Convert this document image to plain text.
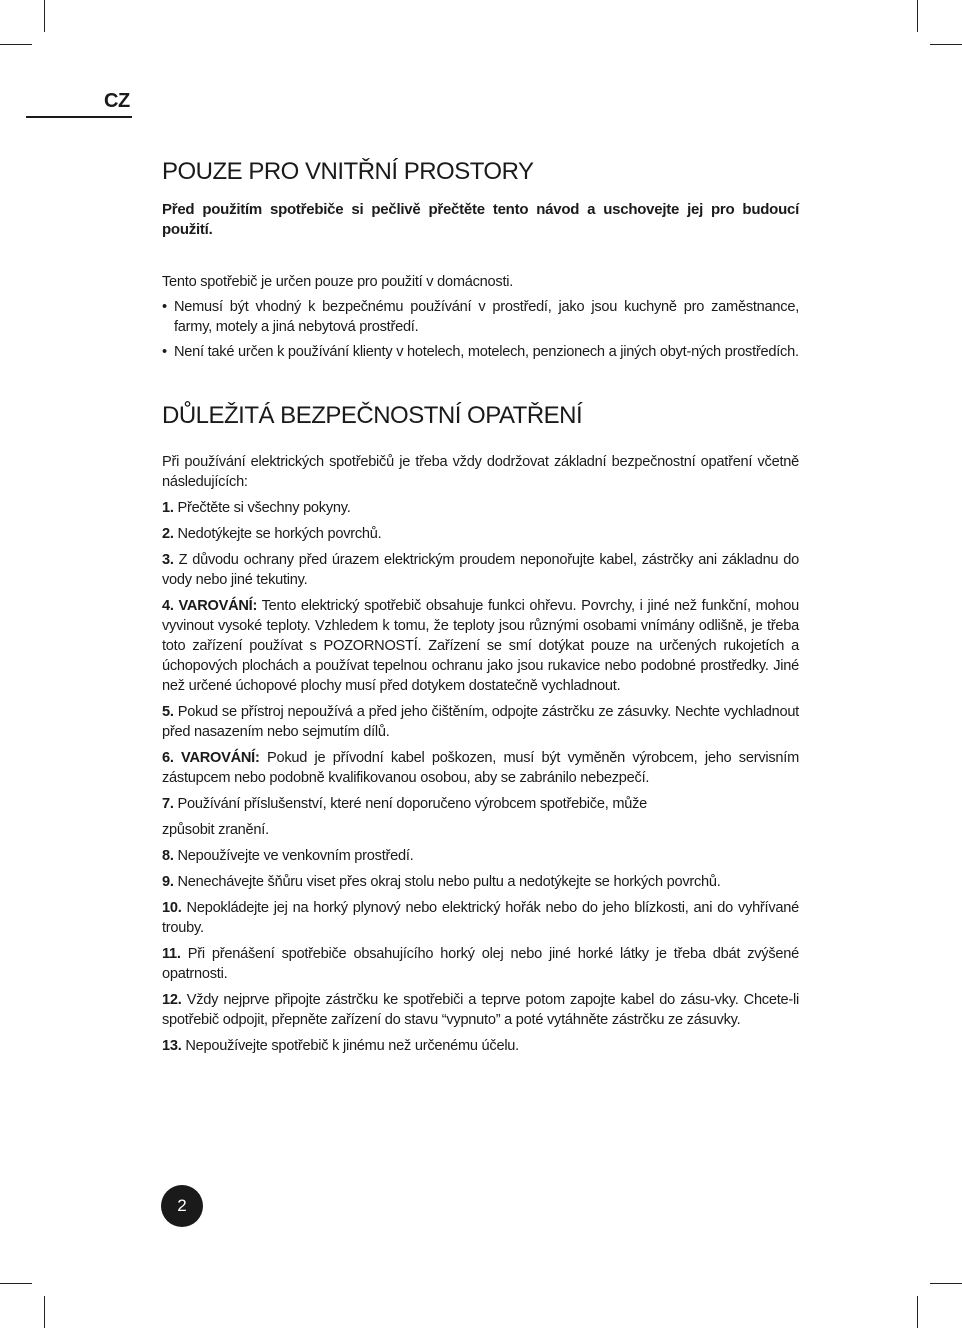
CZ
POUZE PRO VNITŘNÍ PROSTORY

Před použitím spotřebiče si pečlivě přečtěte tento návod a uschovejte jej pro budoucí použití.

Tento spotřebič je určen pouze pro použití v domácnosti.

• Nemusí být vhodný k bezpečnému používání v prostředí, jako jsou kuchyně pro zaměstnance, farmy, motely a jiná nebytová prostředí.
• Není také určen k používání klienty v hotelech, motelech, penzionech a jiných obyt-ných prostředích.
DŮLEŽITÁ BEZPEČNOSTNÍ OPATŘENÍ

Při používání elektrických spotřebičů je třeba vždy dodržovat základní bezpečnostní opatření včetně následujících:

1. Přečtěte si všechny pokyny.

2. Nedotýkejte se horkých povrchů.

3. Z důvodu ochrany před úrazem elektrickým proudem neponořujte kabel, zástrčky ani základnu do vody nebo jiné tekutiny.

4. VAROVÁNÍ: Tento elektrický spotřebič obsahuje funkci ohřevu. Povrchy, i jiné než funkční, mohou vyvinout vysoké teploty. Vzhledem k tomu, že teploty jsou různými osobami vnímány odlišně, je třeba toto zařízení používat s POZORNOSTÍ. Zařízení se smí dotýkat pouze na určených rukojetích a úchopových plochách a používat tepelnou ochranu jako jsou rukavice nebo podobné prostředky. Jiné než určené úchopové plochy musí před dotykem dostatečně vychladnout.

5. Pokud se přístroj nepoužívá a před jeho čištěním, odpojte zástrčku ze zásuvky. Nechte vychladnout před nasazením nebo sejmutím dílů.

6. VAROVÁNÍ: Pokud je přívodní kabel poškozen, musí být vyměněn výrobcem, jeho servisním zástupcem nebo podobně kvalifikovanou osobou, aby se zabránilo nebezpečí.

7. Používání příslušenství, které není doporučeno výrobcem spotřebiče, může

způsobit zranění.

8. Nepoužívejte ve venkovním prostředí.

9. Nenechávejte šňůru viset přes okraj stolu nebo pultu a nedotýkejte se horkých povrchů.

10. Nepokládejte jej na horký plynový nebo elektrický hořák nebo do jeho blízkosti, ani do vyhřívané trouby.

11. Při přenášení spotřebiče obsahujícího horký olej nebo jiné horké látky je třeba dbát zvýšené opatrnosti.

12. Vždy nejprve připojte zástrčku ke spotřebiči a teprve potom zapojte kabel do zásu-vky. Chcete-li spotřebič odpojit, přepněte zařízení do stavu “vypnuto” a poté vytáhněte zástrčku ze zásuvky.

13. Nepoužívejte spotřebič k jinému než určenému účelu.

2
